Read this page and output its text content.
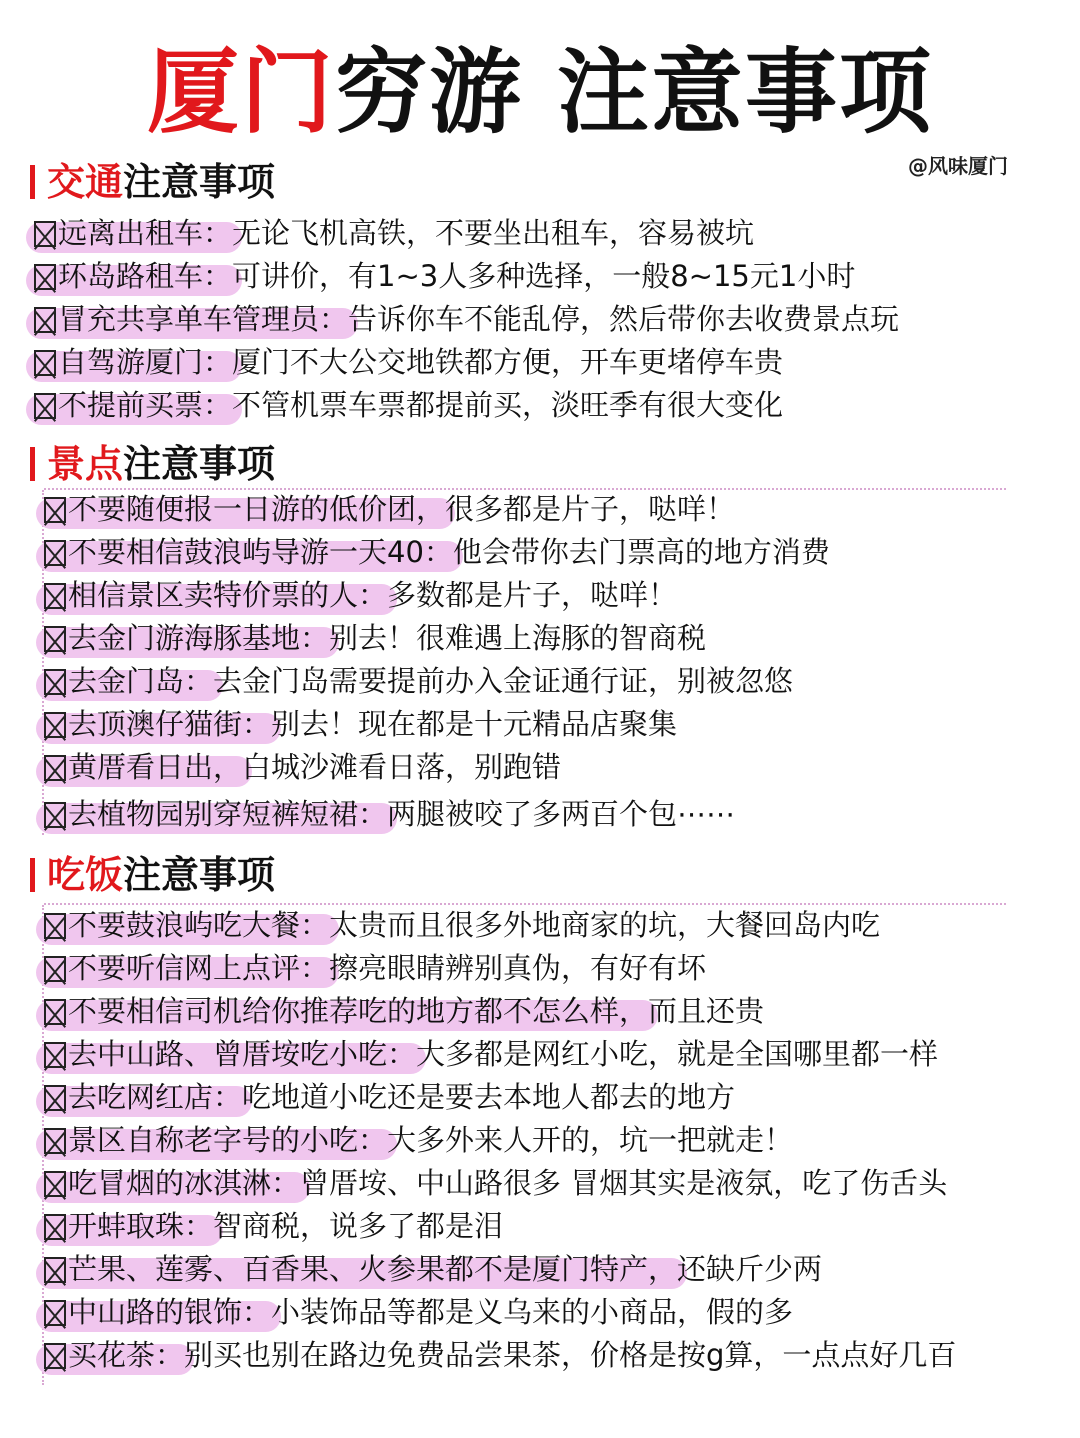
厦门穷游 注意事项
@风味厦门
交通 注意事项
远离出租车：无论飞机高铁，不要坐出租车，容易被坑
环岛路租车：可讲价，有1~3人多种选择，一般8~15元1小时
冒充共享单车管理员：告诉你车不能乱停，然后带你去收费景点玩
自驾游厦门：厦门不大公交地铁都方便，开车更堵停车贵
不提前买票：不管机票车票都提前买，淡旺季有很大变化
景点 注意事项
不要随便报一日游的低价团，很多都是片子，哒咩！
不要相信鼓浪屿导游一天40：他会带你去门票高的地方消费
相信景区卖特价票的人：多数都是片子，哒咩！
去金门游海豚基地：别去！很难遇上海豚的智商税
去金门岛：去金门岛需要提前办入金证通行证，别被忽悠
去顶澳仔猫街：别去！现在都是十元精品店聚集
黄厝看日出，白城沙滩看日落，别跑错
去植物园别穿短裤短裙：两腿被咬了多两百个包⋯⋯
吃饭 注意事项
不要鼓浪屿吃大餐：太贵而且很多外地商家的坑，大餐回岛内吃
不要听信网上点评：擦亮眼睛辨别真伪，有好有坏
不要相信司机给你推荐吃的地方都不怎么样，而且还贵
去中山路、曾厝垵吃小吃：大多都是网红小吃，就是全国哪里都一样
去吃网红店：吃地道小吃还是要去本地人都去的地方
景区自称老字号的小吃：大多外来人开的，坑一把就走！
吃冒烟的冰淇淋：曾厝垵、中山路很多 冒烟其实是液氛，吃了伤舌头
开蚌取珠：智商税，说多了都是泪
芒果、莲雾、百香果、火参果都不是厦门特产，还缺斤少两
中山路的银饰：小装饰品等都是义乌来的小商品，假的多
买花茶：别买也别在路边免费品尝果茶，价格是按g算，一点点好几百
